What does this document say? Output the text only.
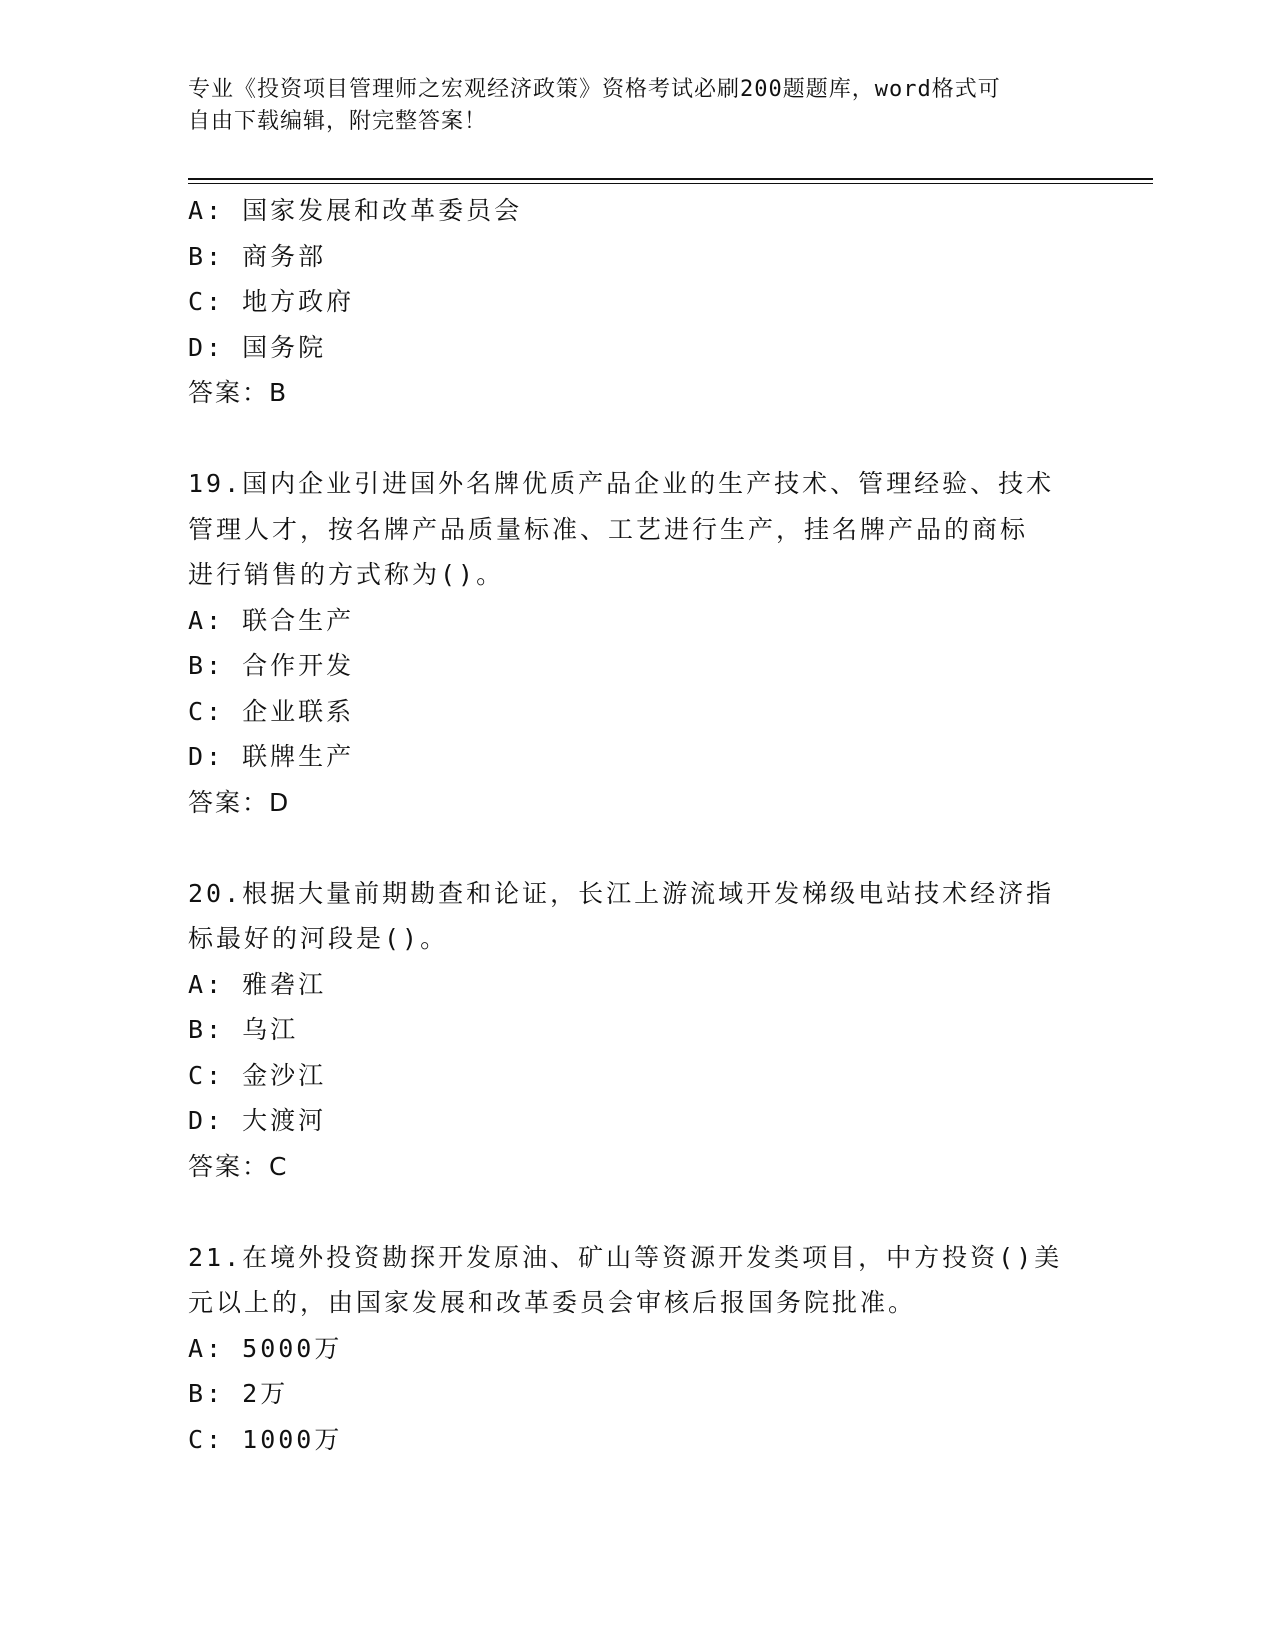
专业《投资项目管理师之宏观经济政策》资格考试必刷200题题库，word格式可
自由下载编辑，附完整答案！
A: 国家发展和改革委员会
B: 商务部
C: 地方政府
D: 国务院
答案：B
19.国内企业引进国外名牌优质产品企业的生产技术、管理经验、技术
管理人才，按名牌产品质量标准、工艺进行生产，挂名牌产品的商标
进行销售的方式称为()。
A: 联合生产
B: 合作开发
C: 企业联系
D: 联牌生产
答案：D
20.根据大量前期勘查和论证，长江上游流域开发梯级电站技术经济指
标最好的河段是()。
A: 雅砻江
B: 乌江
C: 金沙江
D: 大渡河
答案：C
21.在境外投资勘探开发原油、矿山等资源开发类项目，中方投资()美
元以上的，由国家发展和改革委员会审核后报国务院批准。
A: 5000万
B: 2万
C: 1000万
